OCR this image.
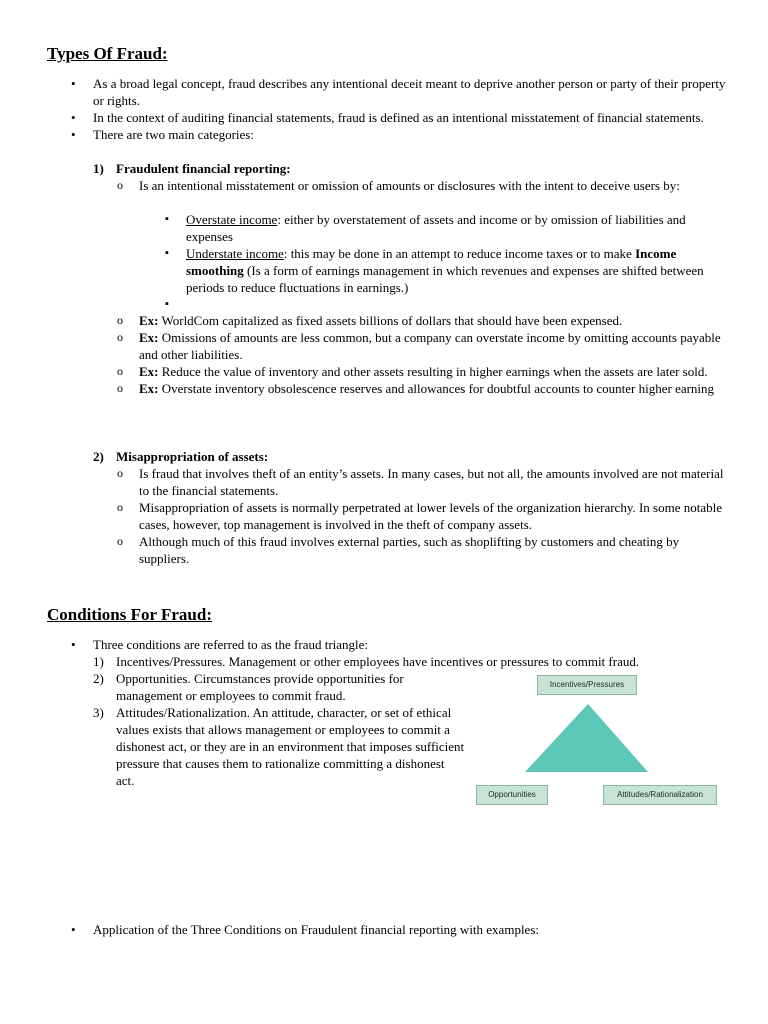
Types Of Fraud:
• As a broad legal concept, fraud describes any intentional deceit meant to deprive another person or party of their property or rights.
• In the context of auditing financial statements, fraud is defined as an intentional misstatement of financial statements.
• There are two main categories:
1) Fraudulent financial reporting:
o Is an intentional misstatement or omission of amounts or disclosures with the intent to deceive users by:
▪ Overstate income: either by overstatement of assets and income or by omission of liabilities and expenses
▪ Understate income: this may be done in an attempt to reduce income taxes or to make Income smoothing (Is a form of earnings management in which revenues and expenses are shifted between periods to reduce fluctuations in earnings.)
▪
o Ex: WorldCom capitalized as fixed assets billions of dollars that should have been expensed.
o Ex: Omissions of amounts are less common, but a company can overstate income by omitting accounts payable and other liabilities.
o Ex: Reduce the value of inventory and other assets resulting in higher earnings when the assets are later sold.
o Ex: Overstate inventory obsolescence reserves and allowances for doubtful accounts to counter higher earning
2) Misappropriation of assets:
o Is fraud that involves theft of an entity’s assets. In many cases, but not all, the amounts involved are not material to the financial statements.
o Misappropriation of assets is normally perpetrated at lower levels of the organization hierarchy. In some notable cases, however, top management is involved in the theft of company assets.
o Although much of this fraud involves external parties, such as shoplifting by customers and cheating by suppliers.
Conditions For Fraud:
• Three conditions are referred to as the fraud triangle:
1) Incentives/Pressures. Management or other employees have incentives or pressures to commit fraud.
2) Opportunities. Circumstances provide opportunities for management or employees to commit fraud.
3) Attitudes/Rationalization. An attitude, character, or set of ethical values exists that allows management or employees to commit a dishonest act, or they are in an environment that imposes sufficient pressure that causes them to rationalize committing a dishonest act.
Incentives/Pressures
Opportunities	Attitudes/Rationalization
• Application of the Three Conditions on Fraudulent financial reporting with examples:
